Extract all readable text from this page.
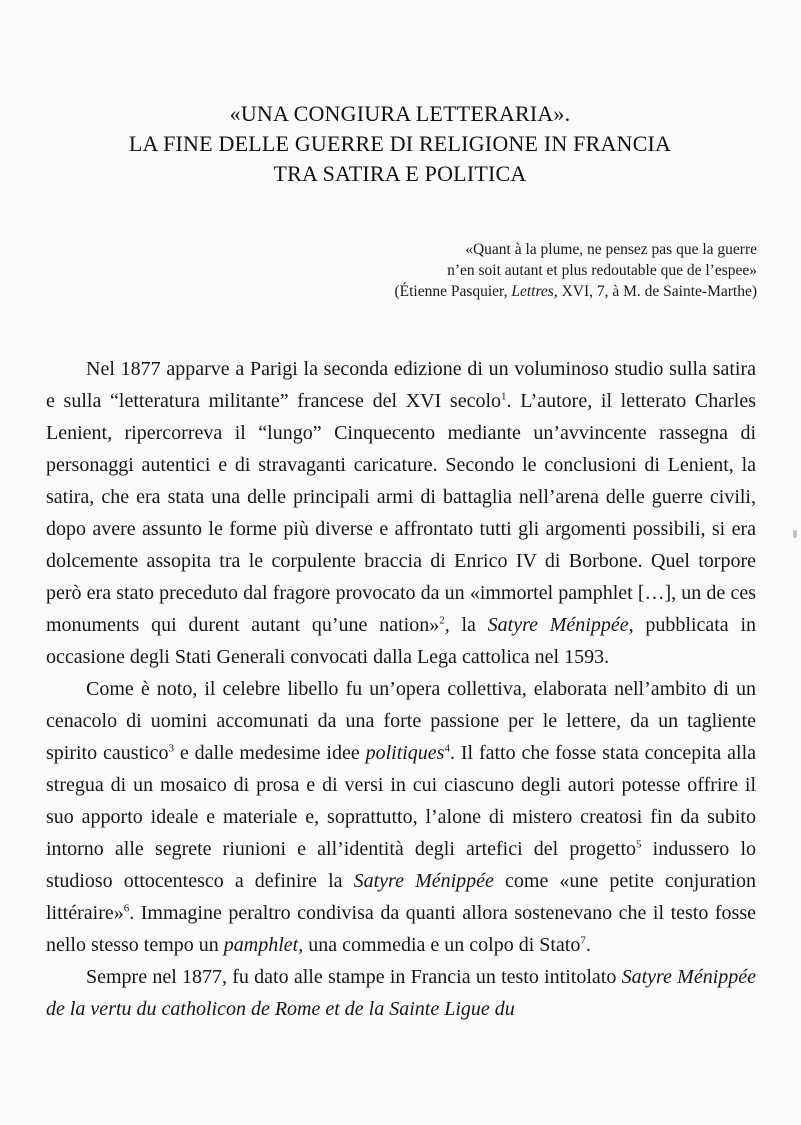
«UNA CONGIURA LETTERARIA».

LA FINE DELLE GUERRE DI RELIGIONE IN FRANCIA

TRA SATIRA E POLITICA

«Quant à la plume, ne pensez pas que la guerre
n’en soit autant et plus redoutable que de l’espee»
(Étienne Pasquier, Lettres, XVI, 7, à M. de Sainte-Marthe)

Nel 1877 apparve a Parigi la seconda edizione di un voluminoso studio sulla satira e sulla “letteratura militante” francese del XVI secolo$^1$. L’autore, il letterato Charles Lenient, ripercorreva il “lungo” Cinquecento mediante un’avvincente rassegna di personaggi autentici e di stravaganti caricature. Secondo le conclusioni di Lenient, la satira, che era stata una delle principali armi di battaglia nell’arena delle guerre civili, dopo avere assunto le forme più diverse e affrontato tutti gli argomenti possibili, si era dolcemente assopita tra le corpulente braccia di Enrico IV di Borbone. Quel torpore però era stato preceduto dal fragore provocato da un «immortel pamphlet […], un de ces monuments qui durent autant qu’une nation»$^2$, la Satyre Ménippée, pubblicata in occasione degli Stati Generali convocati dalla Lega cattolica nel 1593.

Come è noto, il celebre libello fu un’opera collettiva, elaborata nell’ambito di un cenacolo di uomini accomunati da una forte passione per le lettere, da un tagliente spirito caustico$^3$ e dalle medesime idee politiques$^4$. Il fatto che fosse stata concepita alla stregua di un mosaico di prosa e di versi in cui ciascuno degli autori potesse offrire il suo apporto ideale e materiale e, soprattutto, l’alone di mistero creatosi fin da subito intorno alle segrete riunioni e all’identità degli artefici del progetto$^5$ indussero lo studioso ottocentesco a definire la Satyre Ménippée come «une petite conjuration littéraire»$^6$. Immagine peraltro condivisa da quanti allora sostenevano che il testo fosse nello stesso tempo un pamphlet, una commedia e un colpo di Stato$^7$.

Sempre nel 1877, fu dato alle stampe in Francia un testo intitolato Satyre Ménippée de la vertu du catholicon de Rome et de la Sainte Ligue du
